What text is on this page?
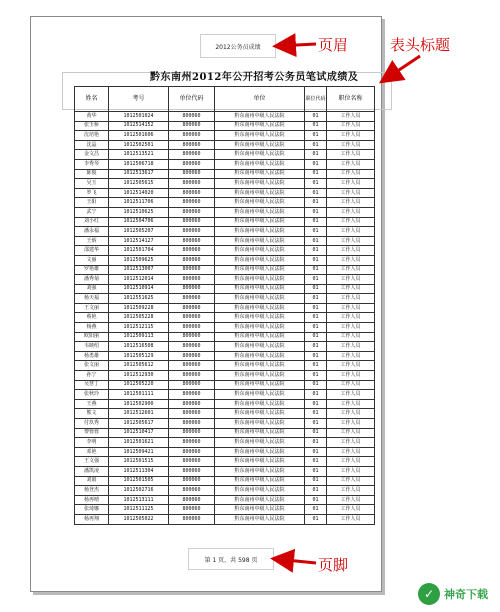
2012公务员成绩
黔东南州2012年公开招考公务员笔试成绩及
姓名	考号	单位代码	单位	职位代码	职位名称
黄华	1012501024	800060	黔东南州中级人民法院	01	工作人员
张玉桥	1012514152	800060	黔东南州中级人民法院	01	工作人员
沈培艳	1012501606	800060	黔东南州中级人民法院	01	工作人员
沈晶	1012502501	800060	黔东南州中级人民法院	01	工作人员
金文昌	1012513521	800060	黔东南州中级人民法院	01	工作人员
李秀琴	1012506718	800060	黔东南州中级人民法院	01	工作人员
陈俊	1012513617	800060	黔东南州中级人民法院	01	工作人员
吴玉	1012505615	800060	黔东南州中级人民法院	01	工作人员
罗飞	1012514020	800060	黔东南州中级人民法院	01	工作人员
王阳	1012511706	800060	黔东南州中级人民法院	01	工作人员
武宁	1012510625	800060	黔东南州中级人民法院	01	工作人员
刘小红	1012504706	800060	黔东南州中级人民法院	01	工作人员
潘永福	1012505207	800060	黔东南州中级人民法院	01	工作人员
王炳	1012514127	800060	黔东南州中级人民法院	01	工作人员
邵建华	1012501704	800060	黔东南州中级人民法院	01	工作人员
文丽	1012509625	800060	黔东南州中级人民法院	01	工作人员
罗艳雄	1012513007	800060	黔东南州中级人民法院	01	工作人员
潘秀菊	1012512014	800060	黔东南州中级人民法院	01	工作人员
刘强	1012510914	800060	黔东南州中级人民法院	01	工作人员
杨天福	1012551625	800060	黔东南州中级人民法院	01	工作人员
王文丽	1012509228	800060	黔东南州中级人民法院	01	工作人员
蔡艳	1012505228	800060	黔东南州中级人民法院	01	工作人员
杨燕	1012512115	800060	黔东南州中级人民法院	01	工作人员
欧阳丽	1012509113	800060	黔东南州中级人民法院	01	工作人员
韦映绍	1012516508	800060	黔东南州中级人民法院	01	工作人员
杨勇雄	1012505129	800060	黔东南州中级人民法院	01	工作人员
张文丽	1012505612	800060	黔东南州中级人民法院	01	工作人员
孙宁	1012512930	800060	黔东南州中级人民法院	01	工作人员
吴慧丁	1012505220	800060	黔东南州中级人民法院	01	工作人员
张秋玲	1012501111	800060	黔东南州中级人民法院	01	工作人员
王燕	1012502900	800060	黔东南州中级人民法院	01	工作人员
熊文	1012512601	800060	黔东南州中级人民法院	01	工作人员
付玖秀	1012505617	800060	黔东南州中级人民法院	01	工作人员
黎蓉蓉	1012510417	800060	黔东南州中级人民法院	01	工作人员
李明	1012501621	800060	黔东南州中级人民法院	01	工作人员
邓艳	1012509421	800060	黔东南州中级人民法院	01	工作人员
王文强	1012501515	800060	黔东南州中级人民法院	01	工作人员
潘凯凌	1012511304	800060	黔东南州中级人民法院	01	工作人员
刘娟	1012501505	800060	黔东南州中级人民法院	01	工作人员
杨登杰	1012502716	800060	黔东南州中级人民法院	01	工作人员
杨再晴	1012513111	800060	黔东南州中级人民法院	01	工作人员
张琦娜	1012511125	800060	黔东南州中级人民法院	01	工作人员
杨再翔	1012505022	800060	黔东南州中级人民法院	01	工作人员
第 1 页，共 598 页
页眉	表头标题
页脚
✓ 神奇下载
